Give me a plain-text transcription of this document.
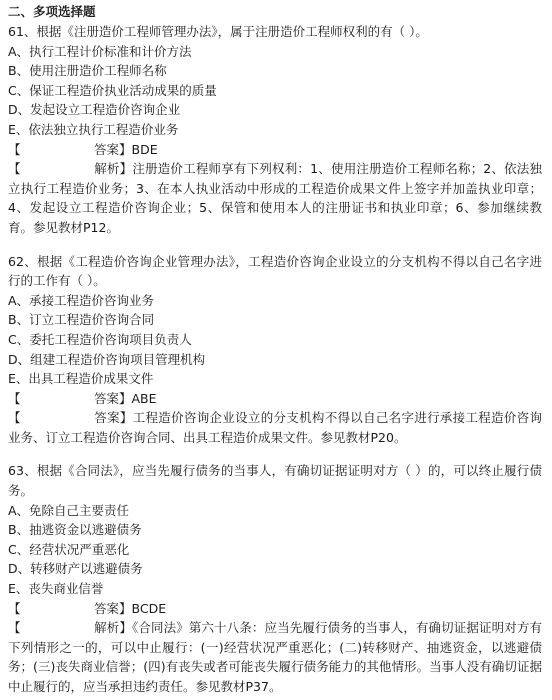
二、多项选择题
61、根据《注册造价工程师管理办法》，属于注册造价工程师权利的有（ ）。
A、执行工程计价标准和计价方法
B、使用注册造价工程师名称
C、保证工程造价执业活动成果的质量
D、发起设立工程造价咨询企业
E、依法独立执行工程造价业务
【	答案】BDE
【	解析】注册造价工程师享有下列权利：1、使用注册造价工程师名称；2、依法独立执行工程造价业务；3、在本人执业活动中形成的工程造价成果文件上签字并加盖执业印章；4、发起设立工程造价咨询企业；5、保管和使用本人的注册证书和执业印章；6、参加继续教育。参见教材P12。
62、根据《工程造价咨询企业管理办法》，工程造价咨询企业设立的分支机构不得以自己名字进行的工作有（ ）。
A、承接工程造价咨询业务
B、订立工程造价咨询合同
C、委托工程造价咨询项目负责人
D、组建工程造价咨询项目管理机构
E、出具工程造价成果文件
【	答案】ABE
【	答案】工程造价咨询企业设立的分支机构不得以自己名字进行承接工程造价咨询业务、订立工程造价咨询合同、出具工程造价成果文件。参见教材P20。
63、根据《合同法》，应当先履行债务的当事人，有确切证据证明对方（ ）的，可以终止履行债务。
A、免除自己主要责任
B、抽逃资金以逃避债务
C、经营状况严重恶化
D、转移财产以逃避债务
E、丧失商业信誉
【	答案】BCDE
【	解析】《合同法》第六十八条：应当先履行债务的当事人，有确切证据证明对方有下列情形之一的，可以中止履行：(一)经营状况严重恶化；(二)转移财产、抽逃资金，以逃避债务；(三)丧失商业信誉；(四)有丧失或者可能丧失履行债务能力的其他情形。当事人没有确切证据中止履行的，应当承担违约责任。参见教材P37。
